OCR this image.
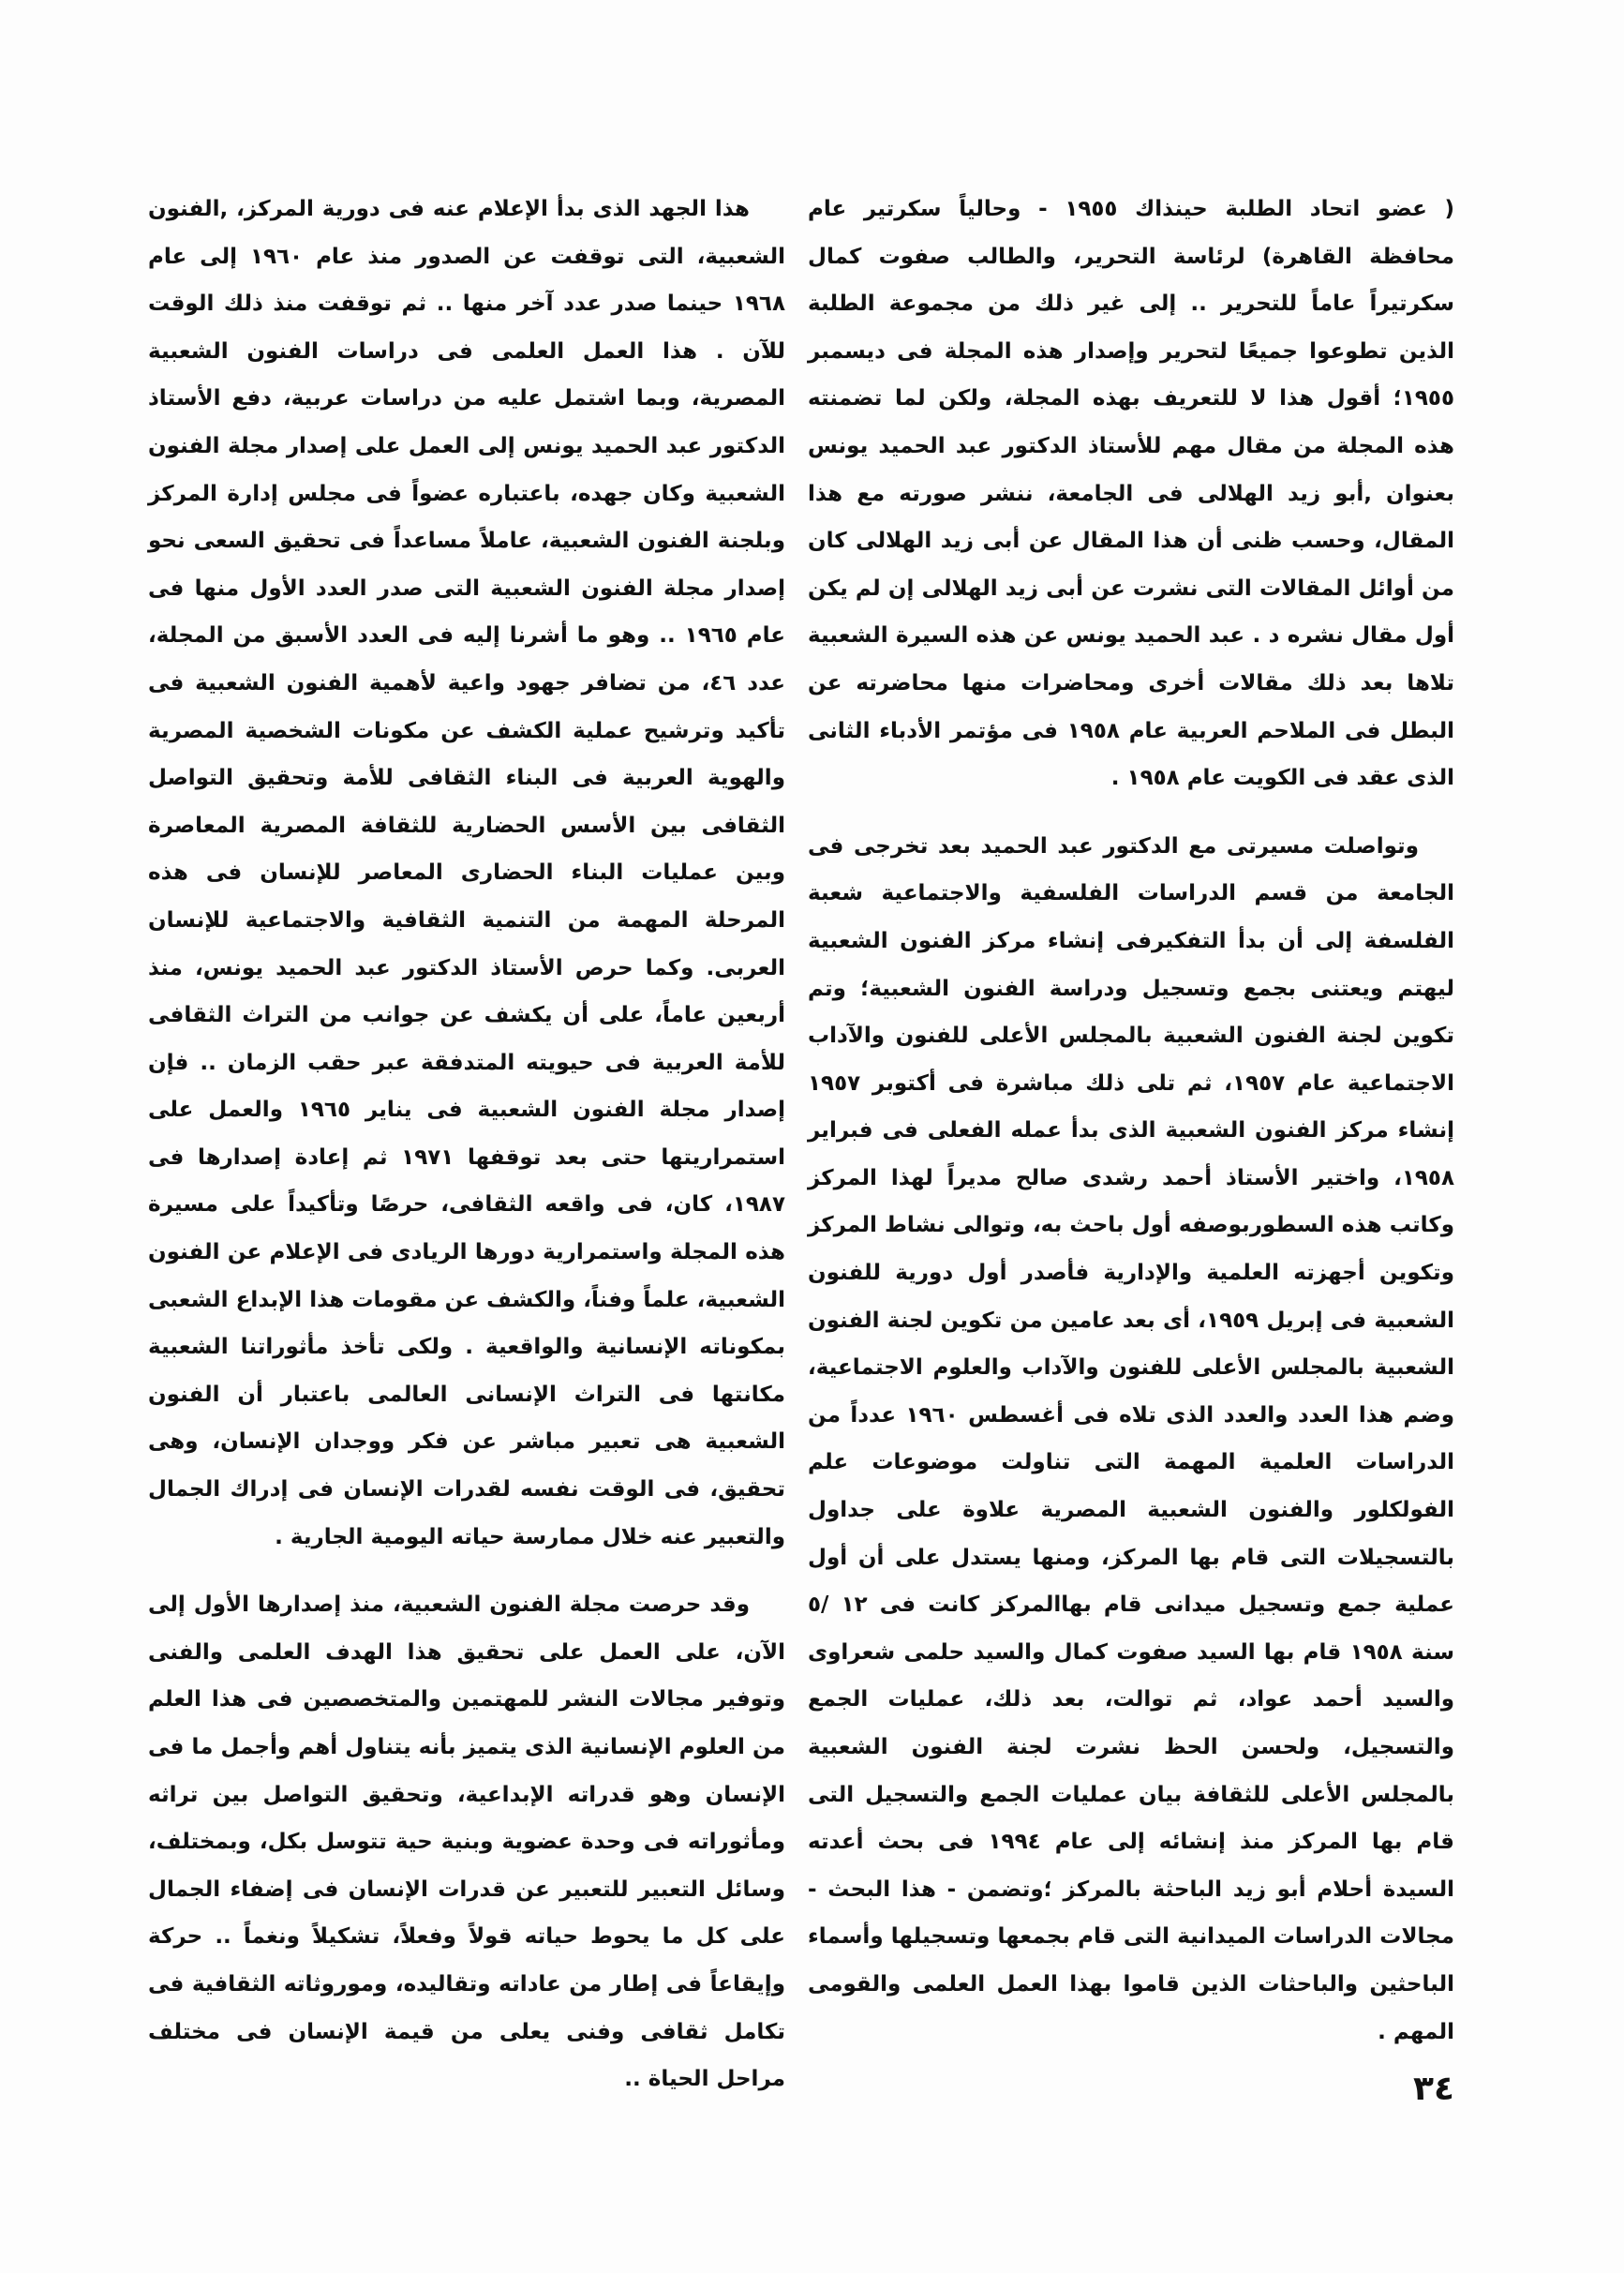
( عضو اتحاد الطلبة حينذاك ١٩٥٥ - وحالياً سكرتير عام محافظة القاهرة) لرئاسة التحرير، والطالب صفوت كمال سكرتيراً عاماً للتحرير .. إلى غير ذلك من مجموعة الطلبة الذين تطوعوا جميعًا لتحرير وإصدار هذه المجلة فى ديسمبر ١٩٥٥؛ أقول هذا لا للتعريف بهذه المجلة، ولكن لما تضمنته هذه المجلة من مقال مهم للأستاذ الدكتور عبد الحميد يونس بعنوان ,أبو زيد الهلالى فى الجامعة، ننشر صورته مع هذا المقال، وحسب ظنى أن هذا المقال عن أبى زيد الهلالى كان من أوائل المقالات التى نشرت عن أبى زيد الهلالى إن لم يكن أول مقال نشره د . عبد الحميد يونس عن هذه السيرة الشعبية تلاها بعد ذلك مقالات أخرى ومحاضرات منها محاضرته عن البطل فى الملاحم العربية عام ١٩٥٨ فى مؤتمر الأدباء الثانى الذى عقد فى الكويت عام ١٩٥٨ .

وتواصلت مسيرتى مع الدكتور عبد الحميد بعد تخرجى فى الجامعة من قسم الدراسات الفلسفية والاجتماعية شعبة الفلسفة إلى أن بدأ التفكيرفى إنشاء مركز الفنون الشعبية ليهتم ويعتنى بجمع وتسجيل ودراسة الفنون الشعبية؛ وتم تكوين لجنة الفنون الشعبية بالمجلس الأعلى للفنون والآداب الاجتماعية عام ١٩٥٧، ثم تلى ذلك مباشرة فى أكتوبر ١٩٥٧ إنشاء مركز الفنون الشعبية الذى بدأ عمله الفعلى فى فبراير ١٩٥٨، واختير الأستاذ أحمد رشدى صالح مديراً لهذا المركز وكاتب هذه السطوربوصفه أول باحث به، وتوالى نشاط المركز وتكوين أجهزته العلمية والإدارية فأصدر أول دورية للفنون الشعبية فى إبريل ١٩٥٩، أى بعد عامين من تكوين لجنة الفنون الشعبية بالمجلس الأعلى للفنون والآداب والعلوم الاجتماعية، وضم هذا العدد والعدد الذى تلاه فى أغسطس ١٩٦٠ عدداً من الدراسات العلمية المهمة التى تناولت موضوعات علم الفولكلور والفنون الشعبية المصرية علاوة على جداول بالتسجيلات التى قام بها المركز، ومنها يستدل على أن أول عملية جمع وتسجيل ميدانى قام بهاالمركز كانت فى ١٢ /٥ سنة ١٩٥٨ قام بها السيد صفوت كمال والسيد حلمى شعراوى والسيد أحمد عواد، ثم توالت، بعد ذلك، عمليات الجمع والتسجيل، ولحسن الحظ نشرت لجنة الفنون الشعبية بالمجلس الأعلى للثقافة بيان عمليات الجمع والتسجيل التى قام بها المركز منذ إنشائه إلى عام ١٩٩٤ فى بحث أعدته السيدة أحلام أبو زيد الباحثة بالمركز ؛وتضمن - هذا البحث - مجالات الدراسات الميدانية التى قام بجمعها وتسجيلها وأسماء الباحثين والباحثات الذين قاموا بهذا العمل العلمى والقومى المهم .

هذا الجهد الذى بدأ الإعلام عنه فى دورية المركز، ,الفنون الشعبية، التى توقفت عن الصدور منذ عام ١٩٦٠ إلى عام ١٩٦٨ حينما صدر عدد آخر منها .. ثم توقفت منذ ذلك الوقت للآن . هذا العمل العلمى فى دراسات الفنون الشعبية المصرية، وبما اشتمل عليه من دراسات عربية، دفع الأستاذ الدكتور عبد الحميد يونس إلى العمل على إصدار مجلة الفنون الشعبية وكان جهده، باعتباره عضواً فى مجلس إدارة المركز وبلجنة الفنون الشعبية، عاملاً مساعداً فى تحقيق السعى نحو إصدار مجلة الفنون الشعبية التى صدر العدد الأول منها فى عام ١٩٦٥ .. وهو ما أشرنا إليه فى العدد الأسبق من المجلة، عدد ٤٦، من تضافر جهود واعية لأهمية الفنون الشعبية فى تأكيد وترشيح عملية الكشف عن مكونات الشخصية المصرية والهوية العربية فى البناء الثقافى للأمة وتحقيق التواصل الثقافى بين الأسس الحضارية للثقافة المصرية المعاصرة وبين عمليات البناء الحضارى المعاصر للإنسان فى هذه المرحلة المهمة من التنمية الثقافية والاجتماعية للإنسان العربى. وكما حرص الأستاذ الدكتور عبد الحميد يونس، منذ أربعين عاماً، على أن يكشف عن جوانب من التراث الثقافى للأمة العربية فى حيويته المتدفقة عبر حقب الزمان .. فإن إصدار مجلة الفنون الشعبية فى يناير ١٩٦٥ والعمل على استمراريتها حتى بعد توقفها ١٩٧١ ثم إعادة إصدارها فى ١٩٨٧، كان، فى واقعه الثقافى، حرصًا وتأكيداً على مسيرة هذه المجلة واستمرارية دورها الريادى فى الإعلام عن الفنون الشعبية، علماً وفناً، والكشف عن مقومات هذا الإبداع الشعبى بمكوناته الإنسانية والواقعية . ولكى تأخذ مأثوراتنا الشعبية مكانتها فى التراث الإنسانى العالمى باعتبار أن الفنون الشعبية هى تعبير مباشر عن فكر ووجدان الإنسان، وهى تحقيق، فى الوقت نفسه لقدرات الإنسان فى إدراك الجمال والتعبير عنه خلال ممارسة حياته اليومية الجارية .

وقد حرصت مجلة الفنون الشعبية، منذ إصدارها الأول إلى الآن، على العمل على تحقيق هذا الهدف العلمى والفنى وتوفير مجالات النشر للمهتمين والمتخصصين فى هذا العلم من العلوم الإنسانية الذى يتميز بأنه يتناول أهم وأجمل ما فى الإنسان وهو قدراته الإبداعية، وتحقيق التواصل بين تراثه ومأثوراته فى وحدة عضوية وبنية حية تتوسل بكل، وبمختلف، وسائل التعبير للتعبير عن قدرات الإنسان فى إضفاء الجمال على كل ما يحوط حياته قولاً وفعلاً، تشكيلاً ونغماً .. حركة وإيقاعاً فى إطار من عاداته وتقاليده، وموروثاته الثقافية فى تكامل ثقافى وفنى يعلى من قيمة الإنسان فى مختلف مراحل الحياة ..	٣٤
